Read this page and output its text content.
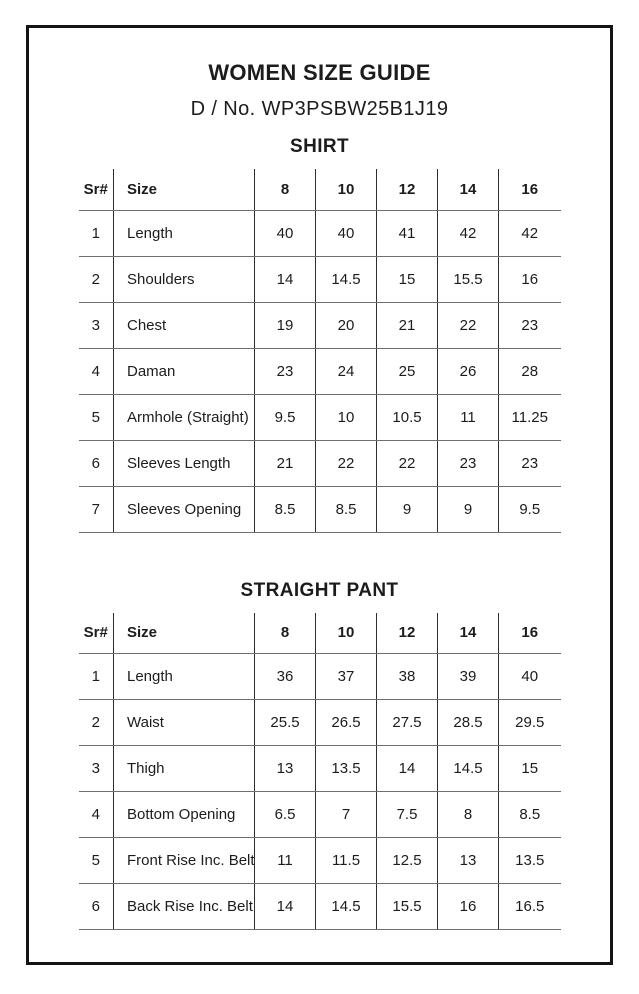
WOMEN SIZE GUIDE
D / No. WP3PSBW25B1J19
SHIRT
Sr#	Size	8	10	12	14	16
1	Length	40	40	41	42	42
2	Shoulders	14	14.5	15	15.5	16
3	Chest	19	20	21	22	23
4	Daman	23	24	25	26	28
5	Armhole (Straight)	9.5	10	10.5	11	11.25
6	Sleeves Length	21	22	22	23	23
7	Sleeves Opening	8.5	8.5	9	9	9.5
STRAIGHT PANT
Sr#	Size	8	10	12	14	16
1	Length	36	37	38	39	40
2	Waist	25.5	26.5	27.5	28.5	29.5
3	Thigh	13	13.5	14	14.5	15
4	Bottom Opening	6.5	7	7.5	8	8.5
5	Front Rise Inc. Belt	11	11.5	12.5	13	13.5
6	Back Rise Inc. Belt	14	14.5	15.5	16	16.5
